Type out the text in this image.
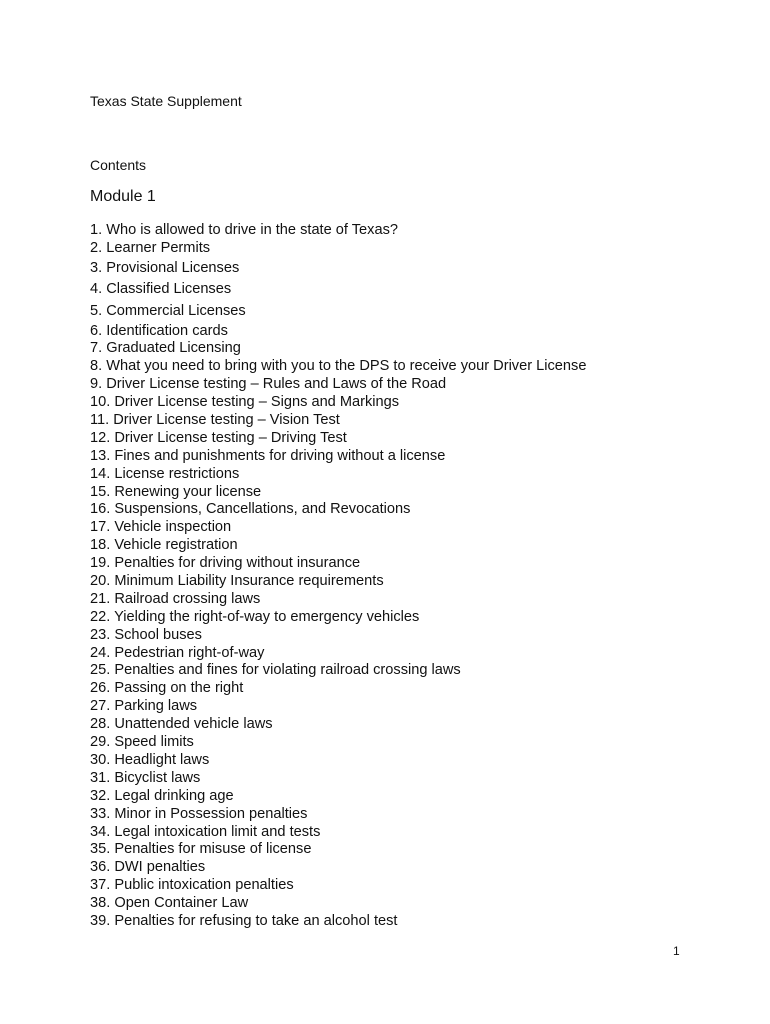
Texas State Supplement
Contents
Module 1
1. Who is allowed to drive in the state of Texas?
2. Learner Permits
3. Provisional Licenses
4. Classified Licenses
5. Commercial Licenses
6. Identification cards
7. Graduated Licensing
8. What you need to bring with you to the DPS to receive your Driver License
9. Driver License testing – Rules and Laws of the Road
10. Driver License testing – Signs and Markings
11. Driver License testing – Vision Test
12. Driver License testing – Driving Test
13. Fines and punishments for driving without a license
14. License restrictions
15. Renewing your license
16. Suspensions, Cancellations, and Revocations
17. Vehicle inspection
18. Vehicle registration
19. Penalties for driving without insurance
20. Minimum Liability Insurance requirements
21. Railroad crossing laws
22. Yielding the right-of-way to emergency vehicles
23. School buses
24. Pedestrian right-of-way
25. Penalties and fines for violating railroad crossing laws
26. Passing on the right
27. Parking laws
28. Unattended vehicle laws
29. Speed limits
30. Headlight laws
31. Bicyclist laws
32. Legal drinking age
33. Minor in Possession penalties
34. Legal intoxication limit and tests
35. Penalties for misuse of license
36. DWI penalties
37. Public intoxication penalties
38. Open Container Law
39. Penalties for refusing to take an alcohol test
1
